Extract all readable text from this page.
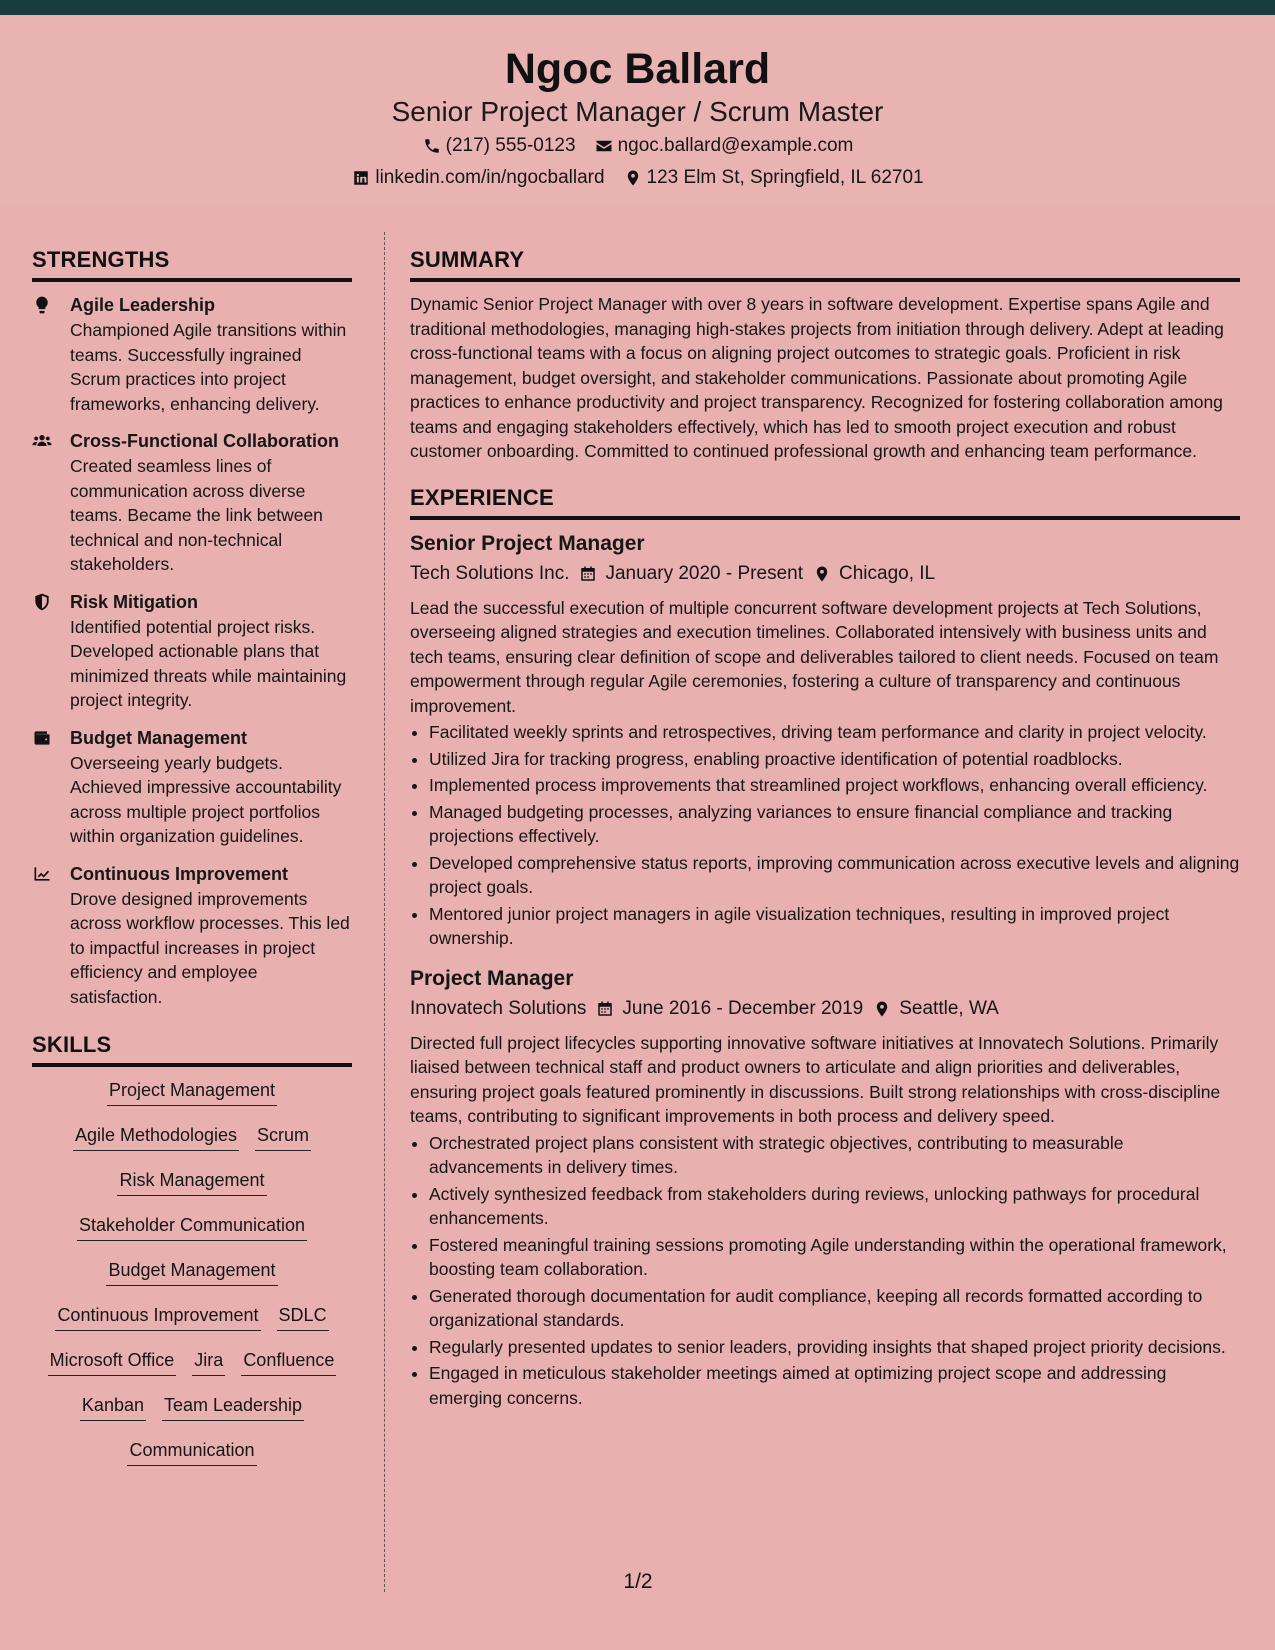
Ngoc Ballard
Senior Project Manager / Scrum Master
(217) 555-0123 ngoc.ballard@example.com
linkedin.com/in/ngocballard 123 Elm St, Springfield, IL 62701
STRENGTHS
Agile Leadership
Championed Agile transitions within teams. Successfully ingrained Scrum practices into project frameworks, enhancing delivery.
Cross-Functional Collaboration
Created seamless lines of communication across diverse teams. Became the link between technical and non-technical stakeholders.
Risk Mitigation
Identified potential project risks. Developed actionable plans that minimized threats while maintaining project integrity.
Budget Management
Overseeing yearly budgets. Achieved impressive accountability across multiple project portfolios within organization guidelines.
Continuous Improvement
Drove designed improvements across workflow processes. This led to impactful increases in project efficiency and employee satisfaction.
SKILLS
Project Management
Agile Methodologies Scrum
Risk Management
Stakeholder Communication
Budget Management
Continuous Improvement SDLC
Microsoft Office Jira Confluence
Kanban Team Leadership
Communication
SUMMARY

Dynamic Senior Project Manager with over 8 years in software development. Expertise spans Agile and traditional methodologies, managing high-stakes projects from initiation through delivery. Adept at leading cross-functional teams with a focus on aligning project outcomes to strategic goals. Proficient in risk management, budget oversight, and stakeholder communications. Passionate about promoting Agile practices to enhance productivity and project transparency. Recognized for fostering collaboration among teams and engaging stakeholders effectively, which has led to smooth project execution and robust customer onboarding. Committed to continued professional growth and enhancing team performance.

EXPERIENCE
Senior Project Manager
Tech Solutions Inc. January 2020 - Present Chicago, IL

Lead the successful execution of multiple concurrent software development projects at Tech Solutions, overseeing aligned strategies and execution timelines. Collaborated intensively with business units and tech teams, ensuring clear definition of scope and deliverables tailored to client needs. Focused on team empowerment through regular Agile ceremonies, fostering a culture of transparency and continuous improvement.

• Facilitated weekly sprints and retrospectives, driving team performance and clarity in project velocity.
• Utilized Jira for tracking progress, enabling proactive identification of potential roadblocks.
• Implemented process improvements that streamlined project workflows, enhancing overall efficiency.
• Managed budgeting processes, analyzing variances to ensure financial compliance and tracking projections effectively.
• Developed comprehensive status reports, improving communication across executive levels and aligning project goals.
• Mentored junior project managers in agile visualization techniques, resulting in improved project ownership.
Project Manager
Innovatech Solutions June 2016 - December 2019 Seattle, WA

Directed full project lifecycles supporting innovative software initiatives at Innovatech Solutions. Primarily liaised between technical staff and product owners to articulate and align priorities and deliverables, ensuring project goals featured prominently in discussions. Built strong relationships with cross-discipline teams, contributing to significant improvements in both process and delivery speed.

• Orchestrated project plans consistent with strategic objectives, contributing to measurable advancements in delivery times.
• Actively synthesized feedback from stakeholders during reviews, unlocking pathways for procedural enhancements.
• Fostered meaningful training sessions promoting Agile understanding within the operational framework, boosting team collaboration.
• Generated thorough documentation for audit compliance, keeping all records formatted according to organizational standards.
• Regularly presented updates to senior leaders, providing insights that shaped project priority decisions.
• Engaged in meticulous stakeholder meetings aimed at optimizing project scope and addressing emerging concerns.
1/2
